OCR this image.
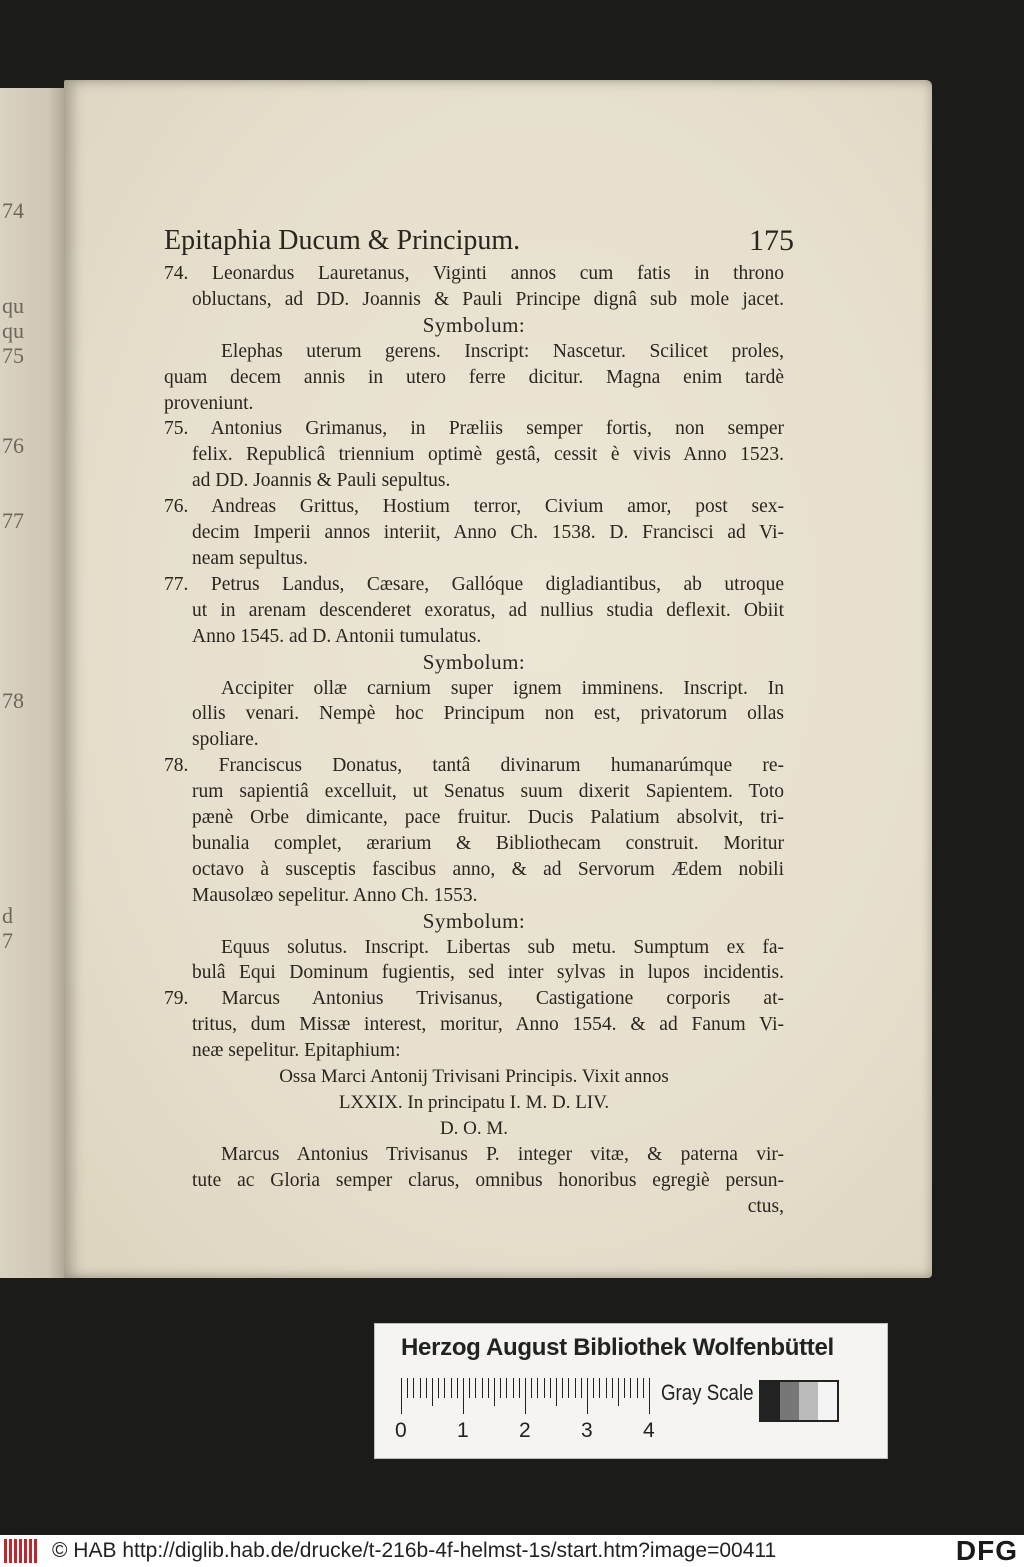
74
qu
qu
75
76
77
78
d
7
Epitaphia Ducum & Principum.	175
74. Leonardus Lauretanus, Viginti annos cum fatis in throno
obluctans, ad DD. Joannis & Pauli Principe dignâ sub mole jacet.
Symbolum:
Elephas uterum gerens. Inscript: Nascetur. Scilicet proles,
quam decem annis in utero ferre dicitur. Magna enim tardè
proveniunt.
75. Antonius Grimanus, in Præliis semper fortis, non semper
felix. Republicâ triennium optimè gestâ, cessit è vivis Anno 1523.
ad DD. Joannis & Pauli sepultus.
76. Andreas Grittus, Hostium terror, Civium amor, post sex-
decim Imperii annos interiit, Anno Ch. 1538. D. Francisci ad Vi-
neam sepultus.
77. Petrus Landus, Cæsare, Gallóque digladiantibus, ab utroque
ut in arenam descenderet exoratus, ad nullius studia deflexit. Obiit
Anno 1545. ad D. Antonii tumulatus.
Symbolum:
Accipiter ollæ carnium super ignem imminens. Inscript. In
ollis venari. Nempè hoc Principum non est, privatorum ollas
spoliare.
78. Franciscus Donatus, tantâ divinarum humanarúmque re-
rum sapientiâ excelluit, ut Senatus suum dixerit Sapientem. Toto
pænè Orbe dimicante, pace fruitur. Ducis Palatium absolvit, tri-
bunalia complet, ærarium & Bibliothecam construit. Moritur
octavo à susceptis fascibus anno, & ad Servorum Ædem nobili
Mausolæo sepelitur. Anno Ch. 1553.
Symbolum:
Equus solutus. Inscript. Libertas sub metu. Sumptum ex fa-
bulâ Equi Dominum fugientis, sed inter sylvas in lupos incidentis.
79. Marcus Antonius Trivisanus, Castigatione corporis at-
tritus, dum Missæ interest, moritur, Anno 1554. & ad Fanum Vi-
neæ sepelitur. Epitaphium:
Ossa Marci Antonij Trivisani Principis. Vixit annos
LXXIX. In principatu I. M. D. LIV.
D. O. M.
Marcus Antonius Trivisanus P. integer vitæ, & paterna vir-
tute ac Gloria semper clarus, omnibus honoribus egregiè persun-
ctus,
Herzog August Bibliothek Wolfenbüttel
0 1 2 3 4
Gray Scale
© HAB http://diglib.hab.de/drucke/t-216b-4f-helmst-1s/start.htm?image=00411	DFG
